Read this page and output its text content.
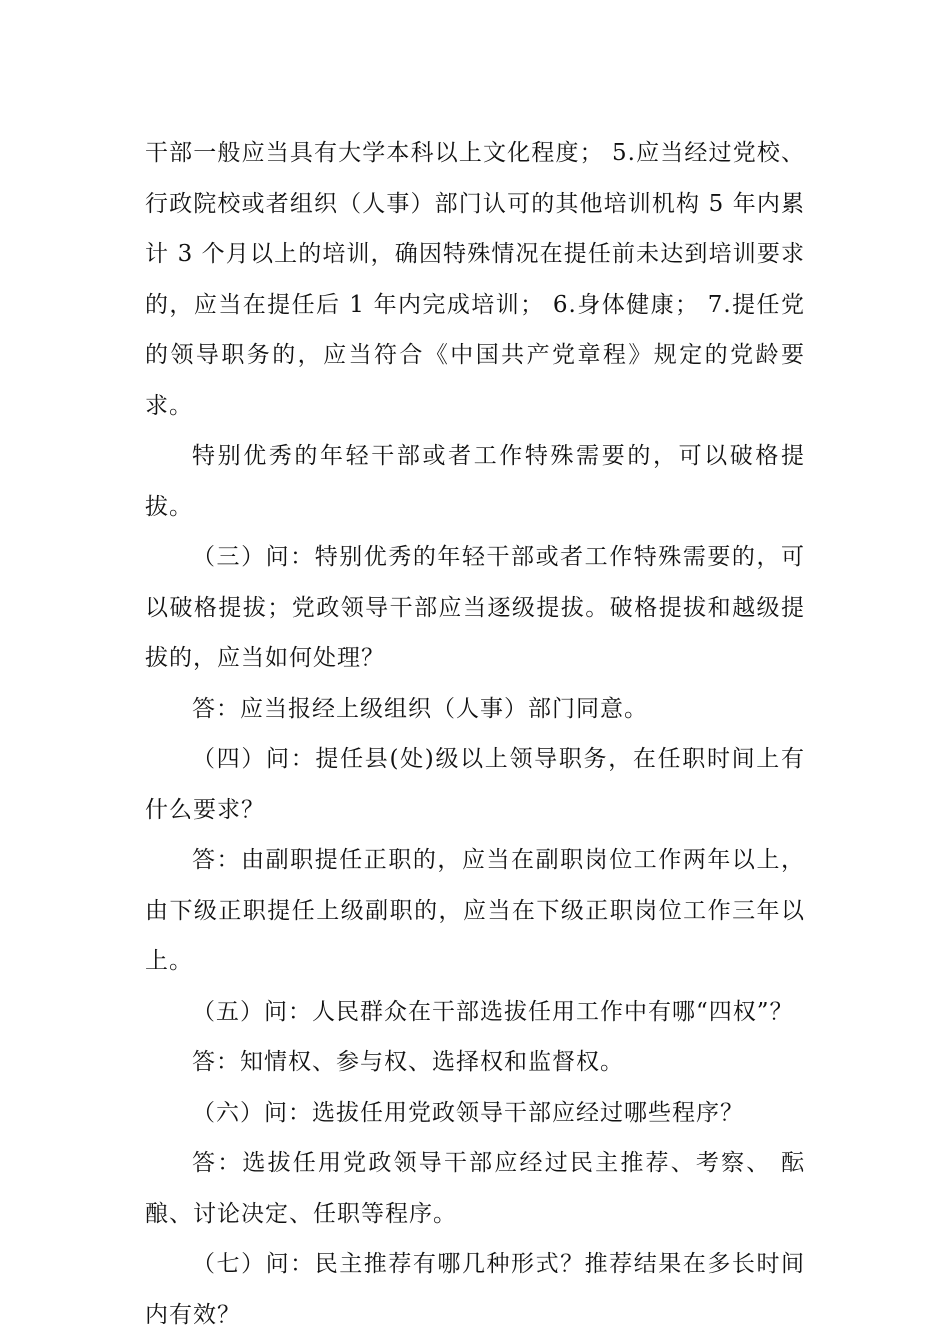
干部一般应当具有大学本科以上文化程度； 5.应当经过党校、行政院校或者组织（人事）部门认可的其他培训机构 5 年内累计 3 个月以上的培训，确因特殊情况在提任前未达到培训要求的，应当在提任后 1 年内完成培训； 6.身体健康； 7.提任党的领导职务的，应当符合《中国共产党章程》规定的党龄要求。

特别优秀的年轻干部或者工作特殊需要的，可以破格提拔。

（三）问：特别优秀的年轻干部或者工作特殊需要的，可以破格提拔；党政领导干部应当逐级提拔。破格提拔和越级提拔的，应当如何处理？

答：应当报经上级组织（人事）部门同意。

（四）问：提任县(处)级以上领导职务，在任职时间上有什么要求？

答：由副职提任正职的，应当在副职岗位工作两年以上，由下级正职提任上级副职的，应当在下级正职岗位工作三年以上。

（五）问：人民群众在干部选拔任用工作中有哪“四权”？

答：知情权、参与权、选择权和监督权。

（六）问：选拔任用党政领导干部应经过哪些程序？

答：选拔任用党政领导干部应经过民主推荐、考察、 酝酿、讨论决定、任职等程序。

（七）问：民主推荐有哪几种形式？推荐结果在多长时间内有效？
